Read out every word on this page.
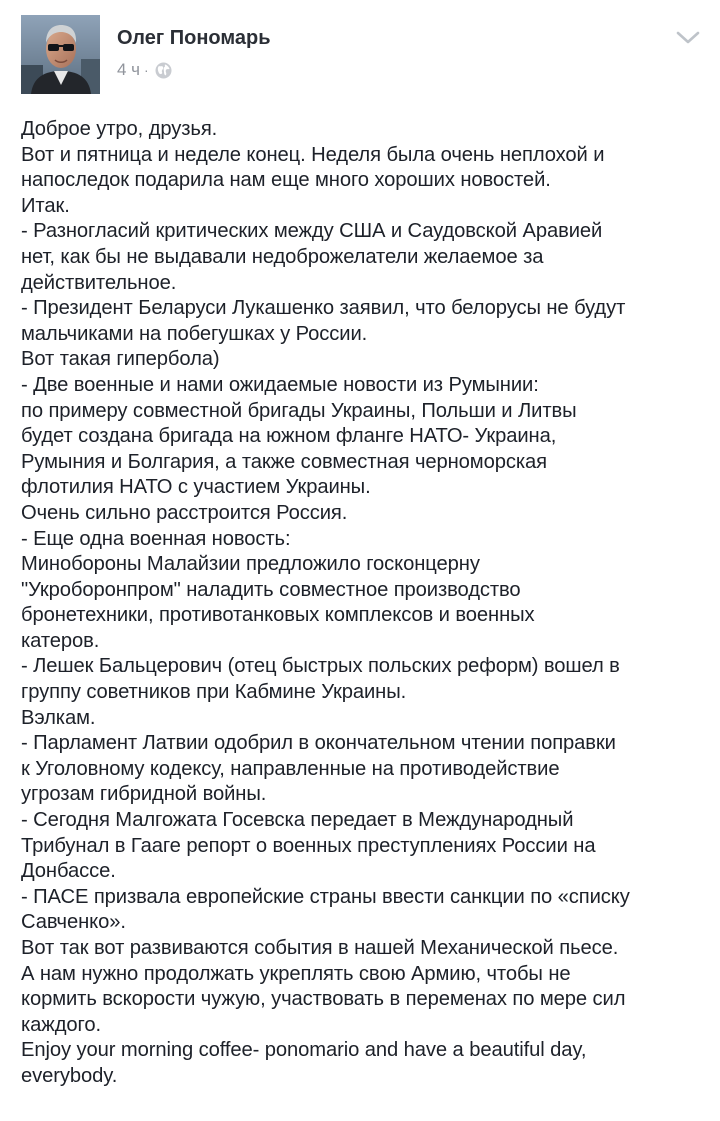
Олег Пономарь
4 ч ·
Доброе утро, друзья.
Вот и пятница и неделе конец. Неделя была очень неплохой и
напоследок подарила нам еще много хороших новостей.
Итак.
- Разногласий критических между США и Саудовской Аравией
нет, как бы не выдавали недоброжелатели желаемое за
действительное.
- Президент Беларуси Лукашенко заявил, что белорусы не будут
мальчиками на побегушках у России.
Вот такая гипербола)
- Две военные и нами ожидаемые новости из Румынии:
по примеру совместной бригады Украины, Польши и Литвы
будет создана бригада на южном фланге НАТО- Украина,
Румыния и Болгария, а также совместная черноморская
флотилия НАТО с участием Украины.
Очень сильно расстроится Россия.
- Еще одна военная новость:
Минобороны Малайзии предложило госконцерну
"Укроборонпром" наладить совместное производство
бронетехники, противотанковых комплексов и военных
катеров.
- Лешек Бальцерович (отец быстрых польских реформ) вошел в
группу советников при Кабмине Украины.
Вэлкам.
- Парламент Латвии одобрил в окончательном чтении поправки
к Уголовному кодексу, направленные на противодействие
угрозам гибридной войны.
- Сегодня Малгожата Госевска передает в Международный
Трибунал в Гааге репорт о военных преступлениях России на
Донбассе.
- ПАСЕ призвала европейские страны ввести санкции по «списку
Савченко».
Вот так вот развиваются события в нашей Механической пьесе.
А нам нужно продолжать укреплять свою Армию, чтобы не
кормить вскорости чужую, участвовать в переменах по мере сил
каждого.
Enjoy your morning coffee- ponomario and have a beautiful day,
everybody.
